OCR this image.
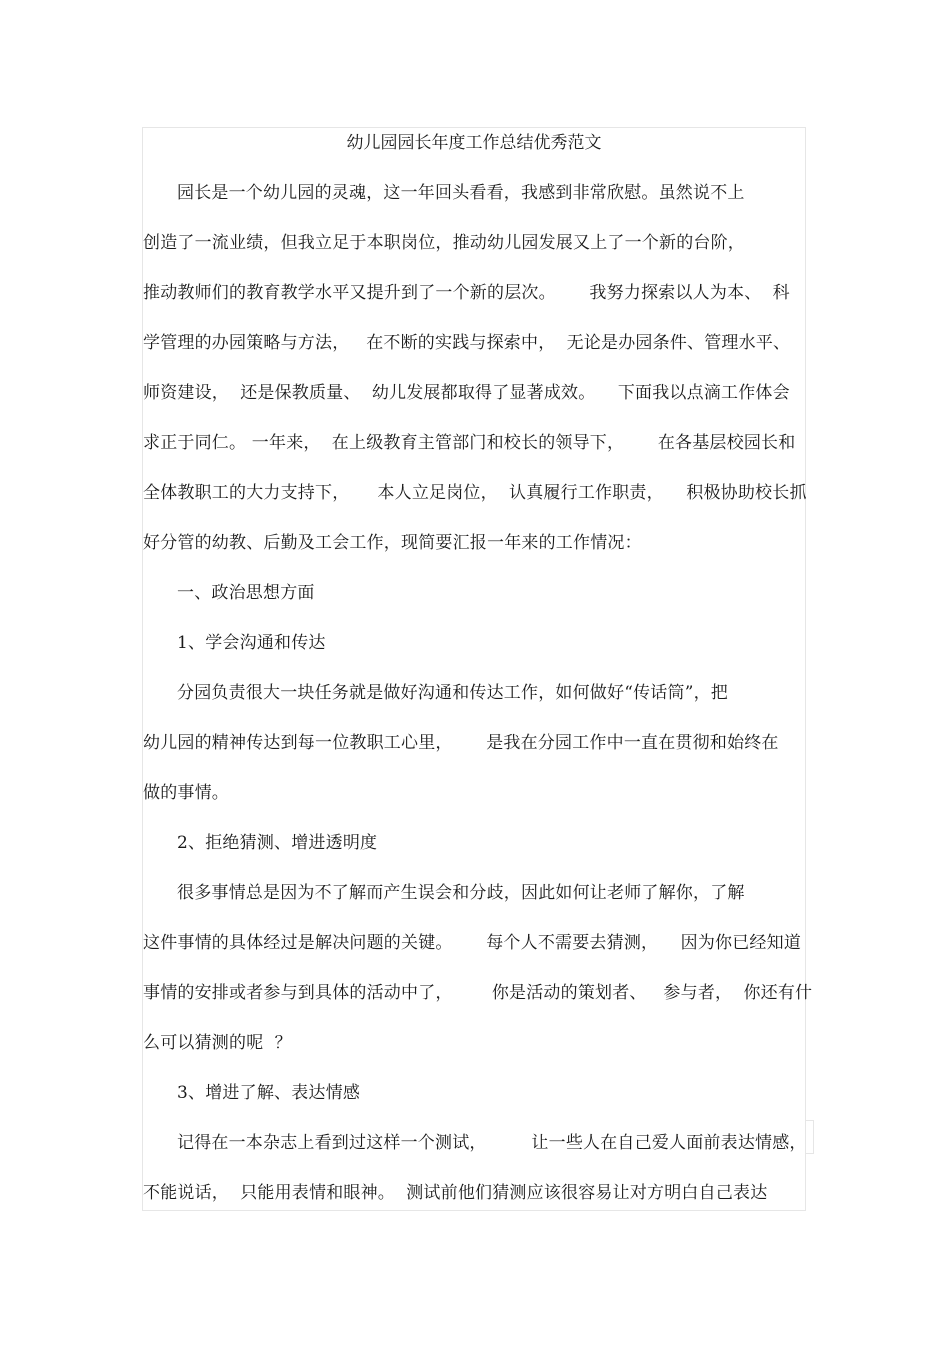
幼儿园园长年度工作总结优秀范文
园长是一个幼儿园的灵魂，这一年回头看看，我感到非常欣慰。虽然说不上
创造了一流业绩，但我立足于本职岗位，推动幼儿园发展又上了一个新的台阶，
推动教师们的教育教学水平又提升到了一个新的层次。      我努力探索以人为本、  科
学管理的办园策略与方法，   在不断的实践与探索中，  无论是办园条件、管理水平、
师资建设，  还是保教质量、  幼儿发展都取得了显著成效。    下面我以点滴工作体会
求正于同仁。 一年来，  在上级教育主管部门和校长的领导下，      在各基层校园长和
全体教职工的大力支持下，     本人立足岗位，  认真履行工作职责，    积极协助校长抓
好分管的幼教、后勤及工会工作，现简要汇报一年来的工作情况：
一、政治思想方面
1、学会沟通和传达
分园负责很大一块任务就是做好沟通和传达工作，如何做好“传话筒”，把
幼儿园的精神传达到每一位教职工心里，      是我在分园工作中一直在贯彻和始终在
做的事情。
2、拒绝猜测、增进透明度
很多事情总是因为不了解而产生误会和分歧，因此如何让老师了解你，了解
这件事情的具体经过是解决问题的关键。      每个人不需要去猜测，    因为你已经知道
事情的安排或者参与到具体的活动中了，       你是活动的策划者、   参与者，  你还有什
么可以猜测的呢  ？
3、增进了解、表达情感
记得在一本杂志上看到过这样一个测试，        让一些人在自己爱人面前表达情感，
不能说话，  只能用表情和眼神。  测试前他们猜测应该很容易让对方明白自己表达
